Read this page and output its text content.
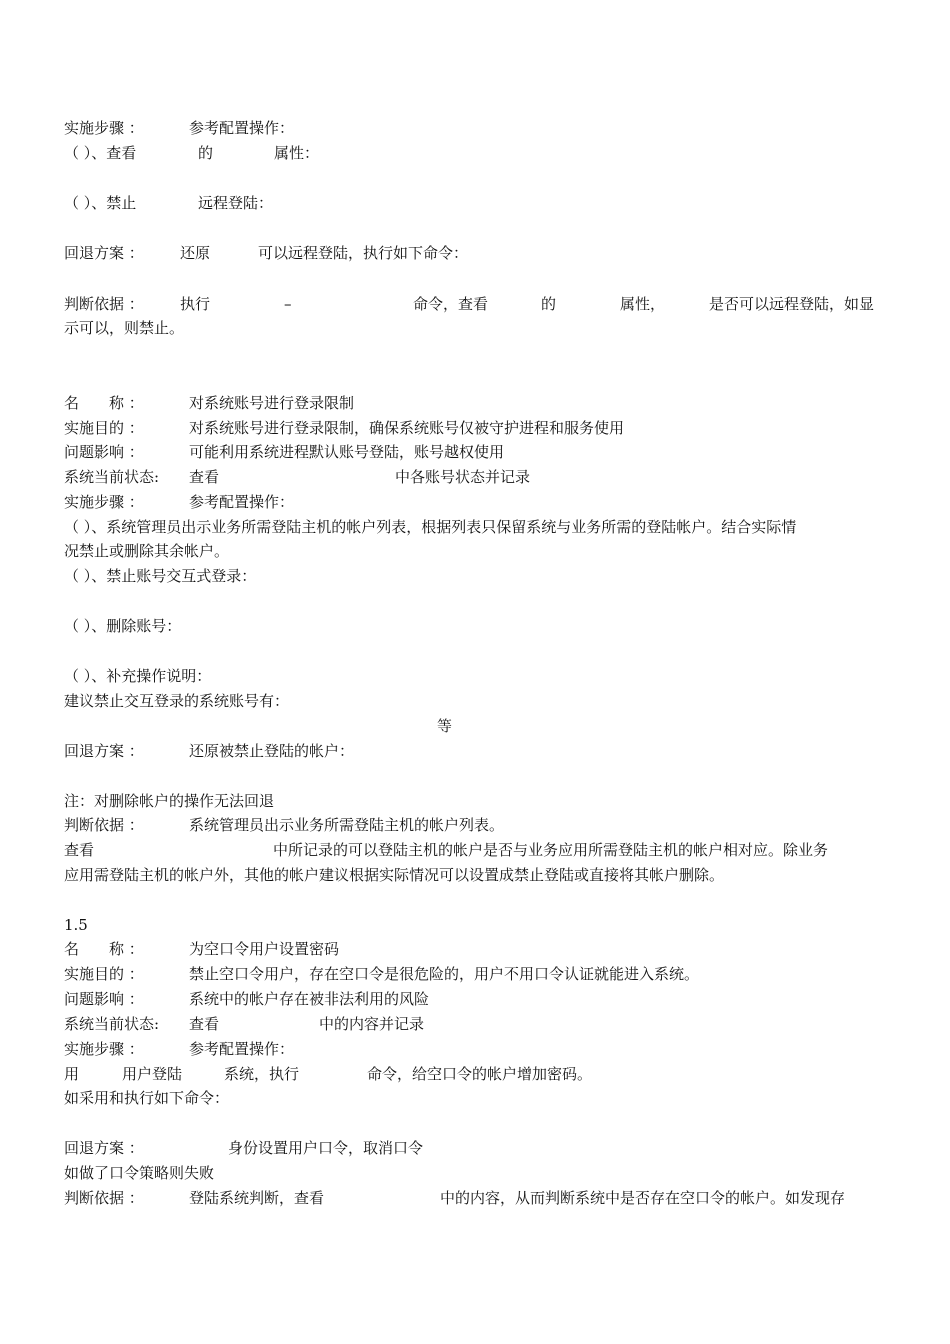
实施步骤 ：	参考配置操作：
（ ）、查看	的	属性：
（ ）、禁止	远程登陆：
回退方案 ： 还原	可以远程登陆，执行如下命令：
判断依据 ： 执行	–	命令，查看	的	属性，	是否可以远程登陆，如显
示可以，则禁止。
名　　称 ：	对系统账号进行登录限制
实施目的 ：	对系统账号进行登录限制，确保系统账号仅被守护进程和服务使用
问题影响 ：	可能利用系统进程默认账号登陆，账号越权使用
系统当前状态: 查看	中各账号状态并记录
实施步骤 ：	参考配置操作：
（ ）、系统管理员出示业务所需登陆主机的帐户列表，根据列表只保留系统与业务所需的登陆帐户。结合实际情
况禁止或删除其余帐户。
（ ）、禁止账号交互式登录：
（ ）、删除账号：
（ ）、补充操作说明：
建议禁止交互登录的系统账号有：
等
回退方案 ：	还原被禁止登陆的帐户：
注：对删除帐户的操作无法回退
判断依据 ：	系统管理员出示业务所需登陆主机的帐户列表。
查看	中所记录的可以登陆主机的帐户是否与业务应用所需登陆主机的帐户相对应。除业务
应用需登陆主机的帐户外，其他的帐户建议根据实际情况可以设置成禁止登陆或直接将其帐户删除。
1.5
名　　称 ：	为空口令用户设置密码
实施目的 ：	禁止空口令用户，存在空口令是很危险的，用户不用口令认证就能进入系统。
问题影响 ：	系统中的帐户存在被非法利用的风险
系统当前状态: 查看	中的内容并记录
实施步骤 ：	参考配置操作：
用	用户登陆	系统，执行	命令，给空口令的帐户增加密码。
如采用和执行如下命令：
回退方案 ：	身份设置用户口令，取消口令
如做了口令策略则失败
判断依据 ：	登陆系统判断，查看	中的内容，从而判断系统中是否存在空口令的帐户。如发现存
